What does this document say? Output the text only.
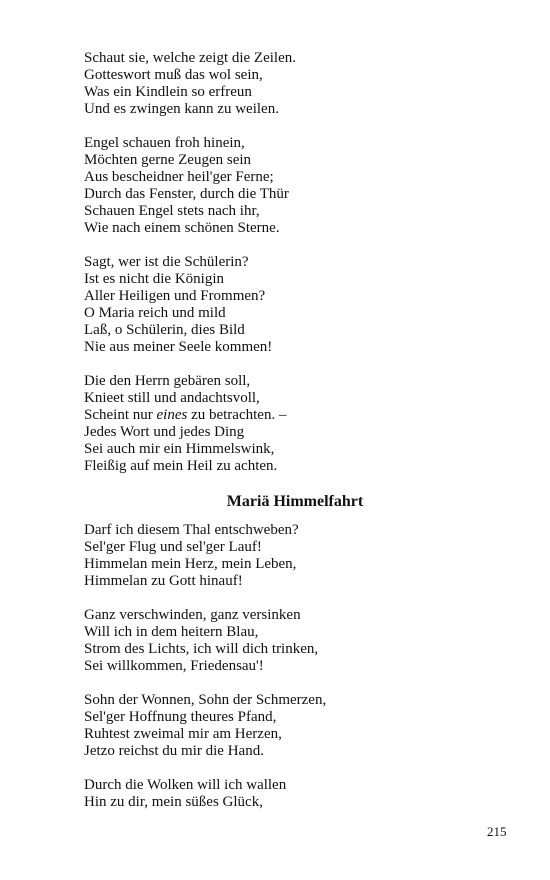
Schaut sie, welche zeigt die Zeilen.
Gotteswort muß das wol sein,
Was ein Kindlein so erfreun
Und es zwingen kann zu weilen.
Engel schauen froh hinein,
Möchten gerne Zeugen sein
Aus bescheidner heil'ger Ferne;
Durch das Fenster, durch die Thür
Schauen Engel stets nach ihr,
Wie nach einem schönen Sterne.
Sagt, wer ist die Schülerin?
Ist es nicht die Königin
Aller Heiligen und Frommen?
O Maria reich und mild
Laß, o Schülerin, dies Bild
Nie aus meiner Seele kommen!
Die den Herrn gebären soll,
Knieet still und andachtsvoll,
Scheint nur eines zu betrachten. –
Jedes Wort und jedes Ding
Sei auch mir ein Himmelswink,
Fleißig auf mein Heil zu achten.
Mariä Himmelfahrt
Darf ich diesem Thal entschweben?
Sel'ger Flug und sel'ger Lauf!
Himmelan mein Herz, mein Leben,
Himmelan zu Gott hinauf!
Ganz verschwinden, ganz versinken
Will ich in dem heitern Blau,
Strom des Lichts, ich will dich trinken,
Sei willkommen, Friedensau'!
Sohn der Wonnen, Sohn der Schmerzen,
Sel'ger Hoffnung theures Pfand,
Ruhtest zweimal mir am Herzen,
Jetzo reichst du mir die Hand.
Durch die Wolken will ich wallen
Hin zu dir, mein süßes Glück,
215
